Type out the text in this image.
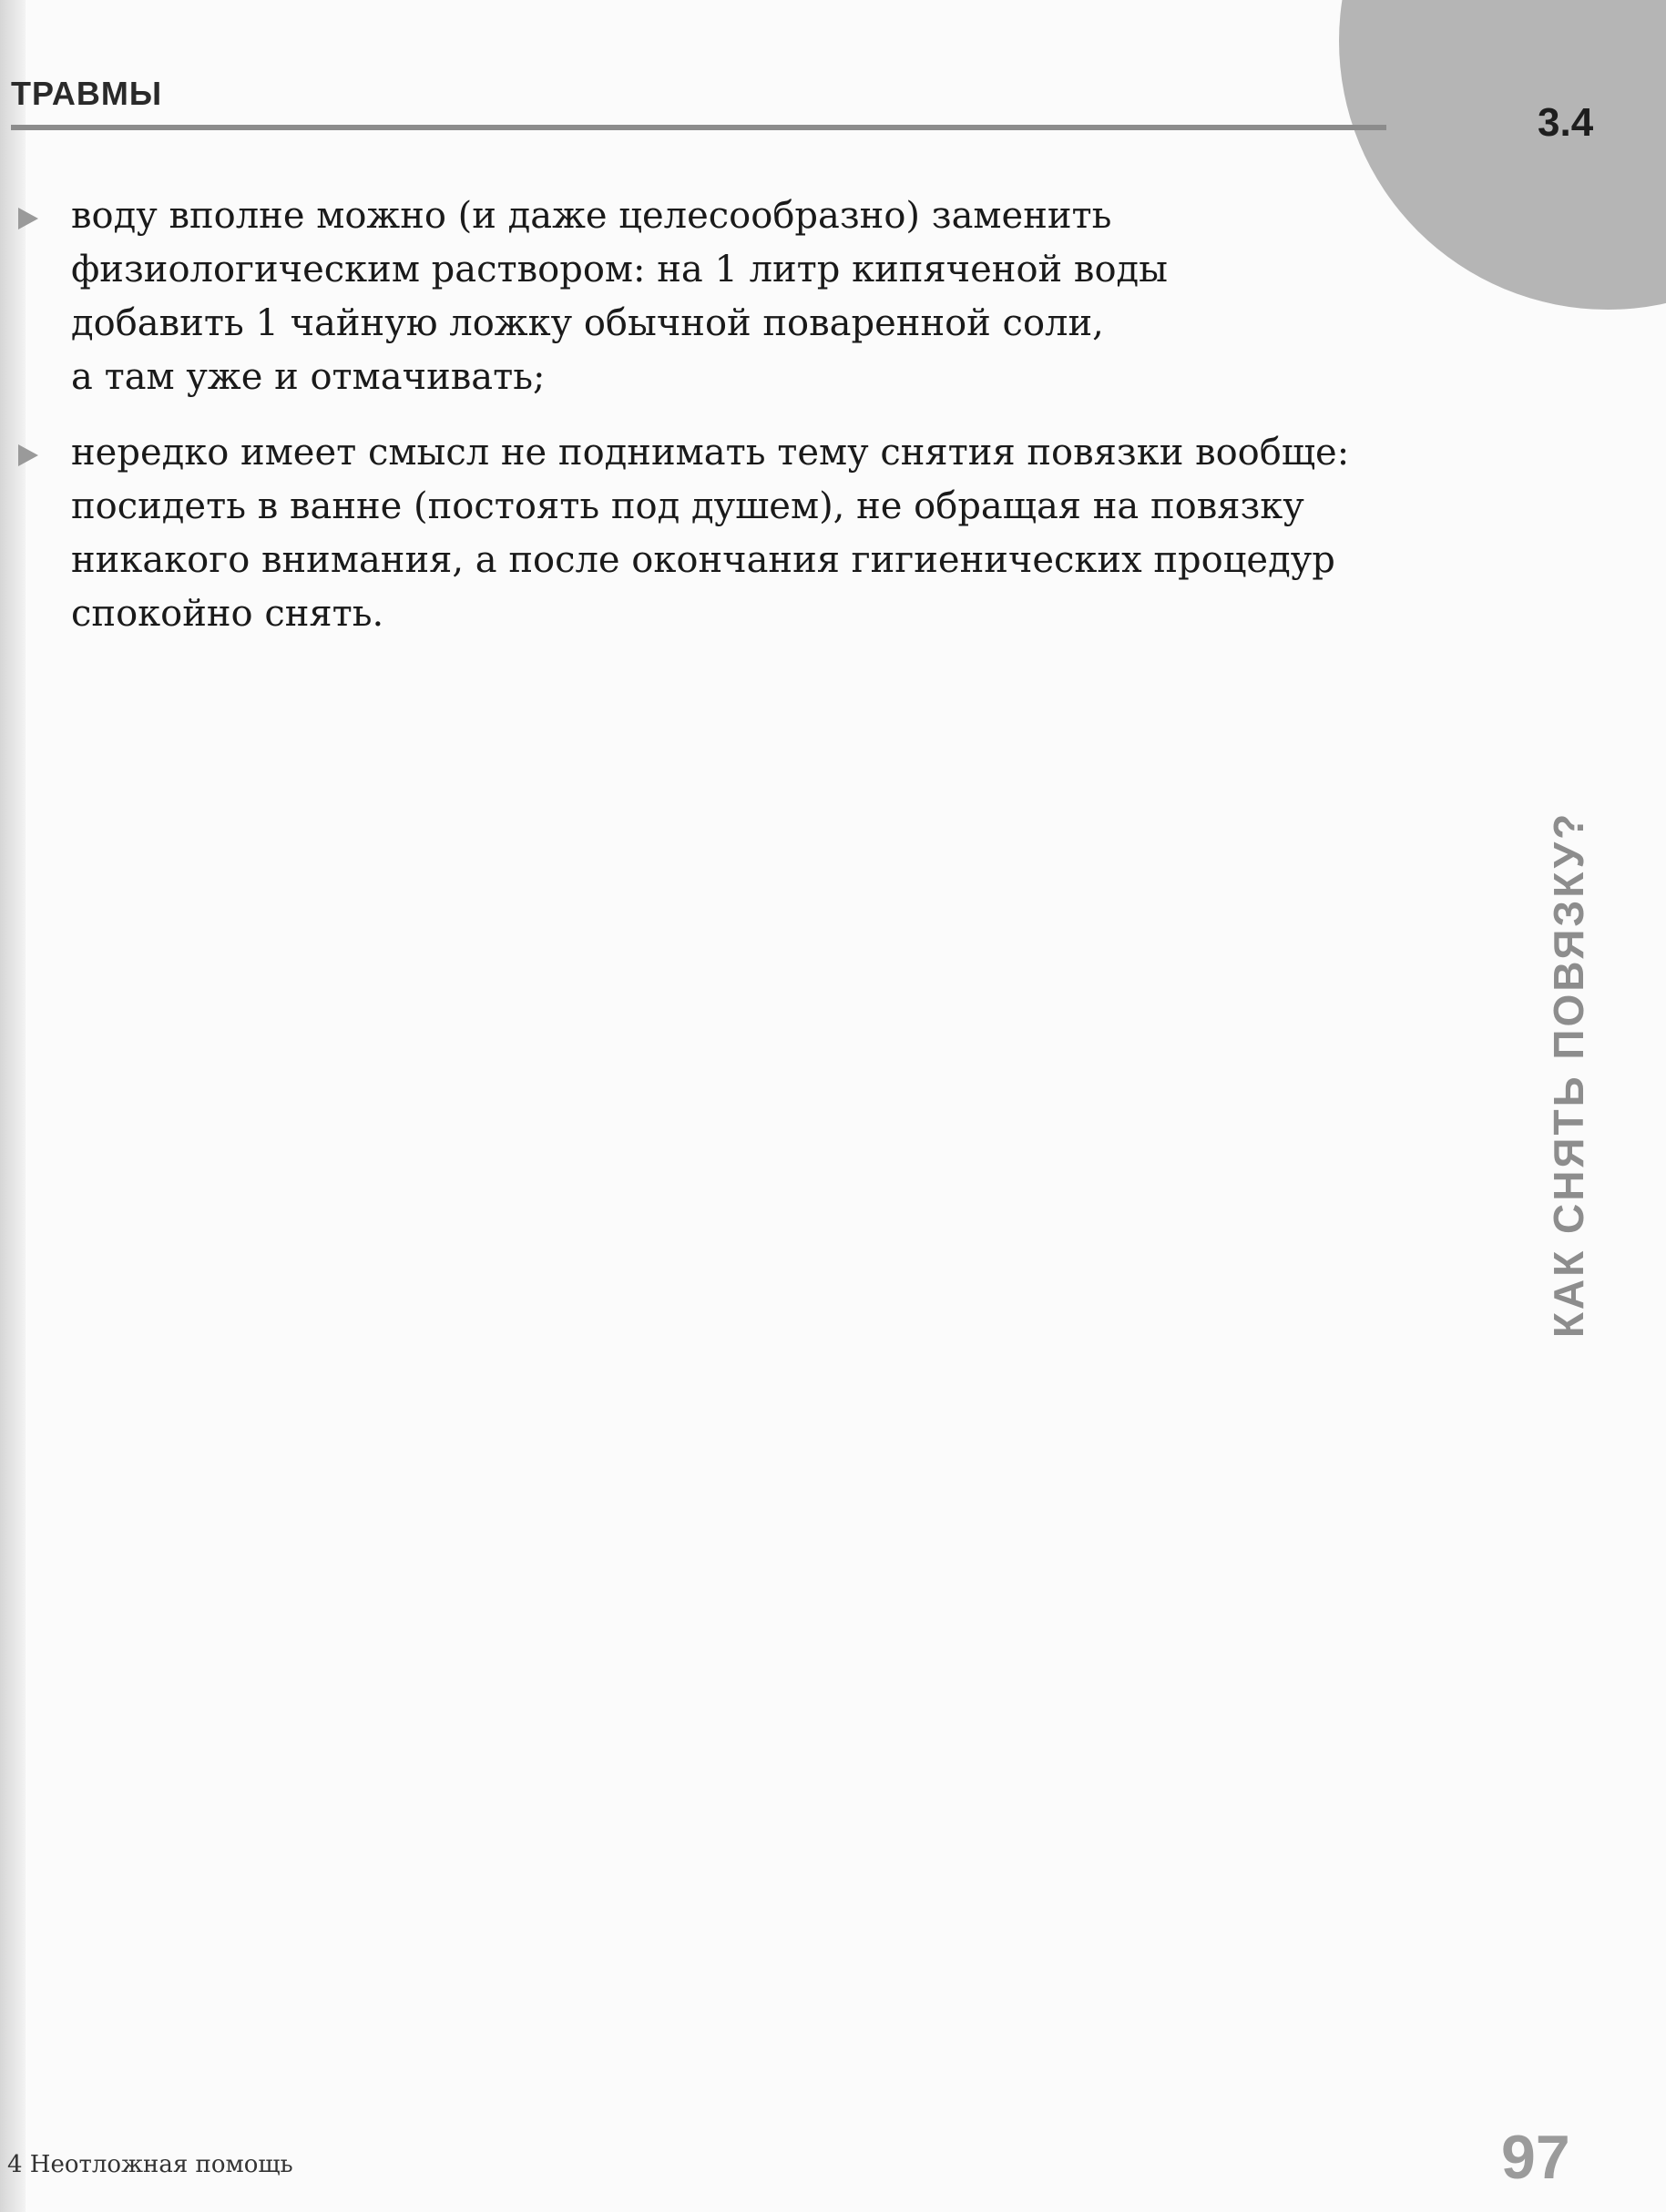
ТРАВМЫ
3.4
воду вполне можно (и даже целесообразно) заменить
физиологическим раствором: на 1 литр кипяченой воды
добавить 1 чайную ложку обычной поваренной соли,
а там уже и отмачивать;
нередко имеет смысл не поднимать тему снятия повязки вообще:
посидеть в ванне (постоять под душем), не обращая на повязку
никакого внимания, а после окончания гигиенических процедур
спокойно снять.
КАК СНЯТЬ ПОВЯЗКУ?
4 Неотложная помощь	97
